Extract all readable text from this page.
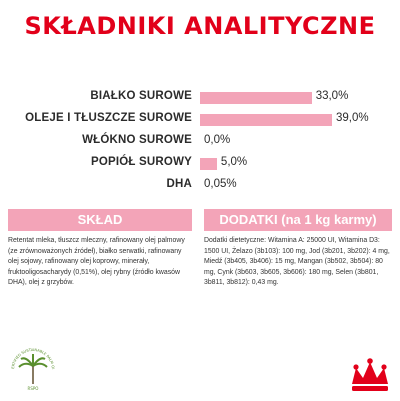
SKŁADNIKI ANALITYCZNE
BIAŁKO SUROWE	33,0%
OLEJE I TŁUSZCZE SUROWE	39,0%
WŁÓKNO SUROWE 0,0%
POPIÓŁ SUROWY	5,0%
DHA 0,05%
SKŁAD
Retentat mleka, tłuszcz mleczny, rafinowany olej palmowy (ze zrównoważonych źródeł), białko serwatki, rafinowany olej sojowy, rafinowany olej koprowy, minerały, fruktooligosacharydy (0,51%), olej rybny (źródło kwasów DHA), olej z grzybów.
DODATKI (na 1 kg karmy)
Dodatki dietetyczne: Witamina A: 25000 UI, Witamina D3: 1500 UI, Żelazo (3b103): 100 mg, Jod (3b201, 3b202): 4 mg, Miedź (3b405, 3b406): 15 mg, Mangan (3b502, 3b504): 80 mg, Cynk (3b603, 3b605, 3b606): 180 mg, Selen (3b801, 3b811, 3b812): 0,43 mg.
ERTIFIED SUSTAINABLE PALM OI
RSPO
